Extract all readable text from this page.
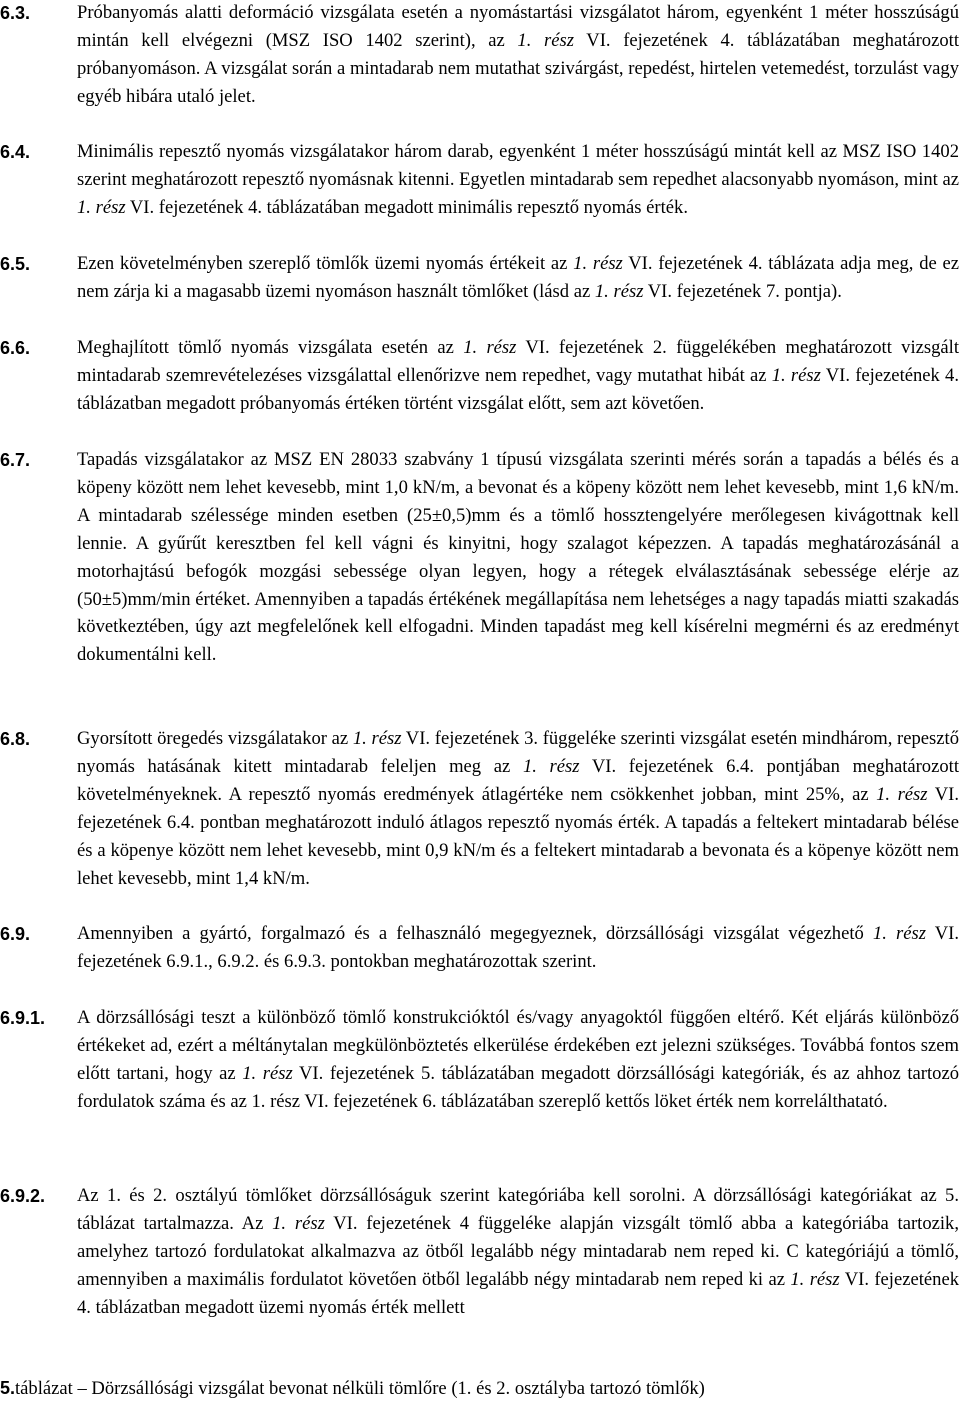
6.3.	Próbanyomás alatti deformáció vizsgálata esetén a nyomástartási vizsgálatot három, egyenként 1 méter hosszúságú mintán kell elvégezni (MSZ ISO 1402 szerint), az 1. rész VI. fejezetének 4. táblázatában meghatározott próbanyomáson. A vizsgálat során a mintadarab nem mutathat szivárgást, repedést, hirtelen vetemedést, torzulást vagy egyéb hibára utaló jelet.

6.4.	Minimális repesztő nyomás vizsgálatakor három darab, egyenként 1 méter hosszúságú mintát kell az MSZ ISO 1402 szerint meghatározott repesztő nyomásnak kitenni. Egyetlen mintadarab sem repedhet alacsonyabb nyomáson, mint az 1. rész VI. fejezetének 4. táblázatában megadott minimális repesztő nyomás érték.

6.5.	Ezen követelményben szereplő tömlők üzemi nyomás értékeit az 1. rész VI. fejezetének 4. táblázata adja meg, de ez nem zárja ki a magasabb üzemi nyomáson használt tömlőket (lásd az 1. rész VI. fejezetének 7. pontja).

6.6.	Meghajlított tömlő nyomás vizsgálata esetén az 1. rész VI. fejezetének 2. függelékében meghatározott vizsgált mintadarab szemrevételezéses vizsgálattal ellenőrizve nem repedhet, vagy mutathat hibát az 1. rész VI. fejezetének 4. táblázatban megadott próbanyomás értéken történt vizsgálat előtt, sem azt követően.

6.7.	Tapadás vizsgálatakor az MSZ EN 28033 szabvány 1 típusú vizsgálata szerinti mérés során a tapadás a bélés és a köpeny között nem lehet kevesebb, mint 1,0 kN/m, a bevonat és a köpeny között nem lehet kevesebb, mint 1,6 kN/m. A mintadarab szélessége minden esetben (25±0,5)mm és a tömlő hossztengelyére merőlegesen kivágottnak kell lennie. A gyűrűt keresztben fel kell vágni és kinyitni, hogy szalagot képezzen. A tapadás meghatározásánál a motorhajtású befogók mozgási sebessége olyan legyen, hogy a rétegek elválasztásának sebessége elérje az (50±5)mm/min értéket. Amennyiben a tapadás értékének megállapítása nem lehetséges a nagy tapadás miatti szakadás következtében, úgy azt megfelelőnek kell elfogadni. Minden tapadást meg kell kísérelni megmérni és az eredményt dokumentálni kell.

6.8.	Gyorsított öregedés vizsgálatakor az 1. rész VI. fejezetének 3. függeléke szerinti vizsgálat esetén mindhárom, repesztő nyomás hatásának kitett mintadarab feleljen meg az 1. rész VI. fejezetének 6.4. pontjában meghatározott követelményeknek. A repesztő nyomás eredmények átlagértéke nem csökkenhet jobban, mint 25%, az 1. rész VI. fejezetének 6.4. pontban meghatározott induló átlagos repesztő nyomás érték. A tapadás a feltekert mintadarab bélése és a köpenye között nem lehet kevesebb, mint 0,9 kN/m és a feltekert mintadarab a bevonata és a köpenye között nem lehet kevesebb, mint 1,4 kN/m.

6.9.	Amennyiben a gyártó, forgalmazó és a felhasználó megegyeznek, dörzsállósági vizsgálat végezhető 1. rész VI. fejezetének 6.9.1., 6.9.2. és 6.9.3. pontokban meghatározottak szerint.

6.9.1.	A dörzsállósági teszt a különböző tömlő konstrukcióktól és/vagy anyagoktól függően eltérő. Két eljárás különböző értékeket ad, ezért a méltánytalan megkülönböztetés elkerülése érdekében ezt jelezni szükséges. Továbbá fontos szem előtt tartani, hogy az 1. rész VI. fejezetének 5. táblázatában megadott dörzsállósági kategóriák, és az ahhoz tartozó fordulatok száma és az 1. rész VI. fejezetének 6. táblázatában szereplő kettős löket érték nem korrelálthatató.

6.9.2.	Az 1. és 2. osztályú tömlőket dörzsállóságuk szerint kategóriába kell sorolni. A dörzsállósági kategóriákat az 5. táblázat tartalmazza. Az 1. rész VI. fejezetének 4 függeléke alapján vizsgált tömlő abba a kategóriába tartozik, amelyhez tartozó fordulatokat alkalmazva az ötből legalább négy mintadarab nem reped ki. C kategóriájú a tömlő, amennyiben a maximális fordulatot követően ötből legalább négy mintadarab nem reped ki az 1. rész VI. fejezetének 4. táblázatban megadott üzemi nyomás érték mellett

5.táblázat – Dörzsállósági vizsgálat bevonat nélküli tömlőre (1. és 2. osztályba tartozó tömlők)
